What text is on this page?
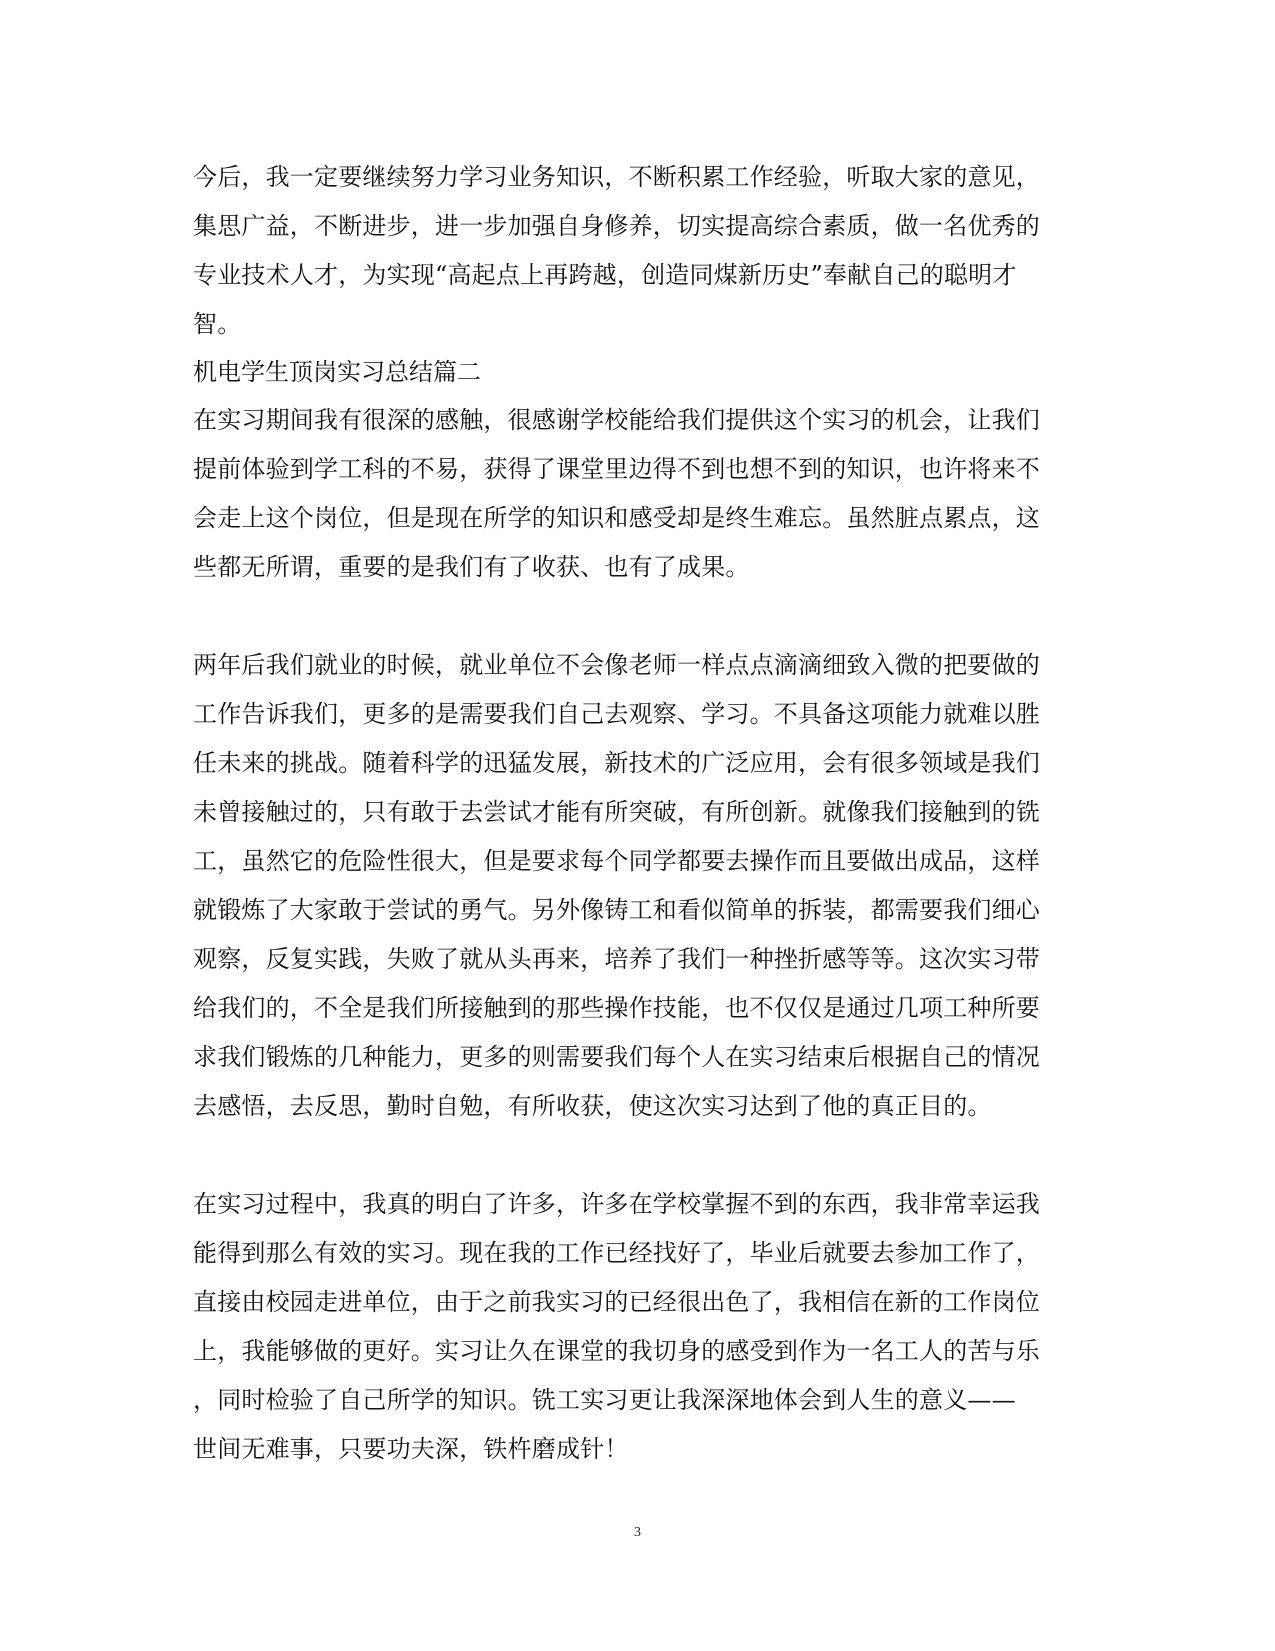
今后，我一定要继续努力学习业务知识，不断积累工作经验，听取大家的意见，
集思广益，不断进步，进一步加强自身修养，切实提高综合素质，做一名优秀的
专业技术人才，为实现“高起点上再跨越，创造同煤新历史”奉献自己的聪明才
智。
机电学生顶岗实习总结篇二
在实习期间我有很深的感触，很感谢学校能给我们提供这个实习的机会，让我们
提前体验到学工科的不易，获得了课堂里边得不到也想不到的知识，也许将来不
会走上这个岗位，但是现在所学的知识和感受却是终生难忘。虽然脏点累点，这
些都无所谓，重要的是我们有了收获、也有了成果。
两年后我们就业的时候，就业单位不会像老师一样点点滴滴细致入微的把要做的
工作告诉我们，更多的是需要我们自己去观察、学习。不具备这项能力就难以胜
任未来的挑战。随着科学的迅猛发展，新技术的广泛应用，会有很多领域是我们
未曾接触过的，只有敢于去尝试才能有所突破，有所创新。就像我们接触到的铣
工，虽然它的危险性很大，但是要求每个同学都要去操作而且要做出成品，这样
就锻炼了大家敢于尝试的勇气。另外像铸工和看似简单的拆装，都需要我们细心
观察，反复实践，失败了就从头再来，培养了我们一种挫折感等等。这次实习带
给我们的，不全是我们所接触到的那些操作技能，也不仅仅是通过几项工种所要
求我们锻炼的几种能力，更多的则需要我们每个人在实习结束后根据自己的情况
去感悟，去反思，勤时自勉，有所收获，使这次实习达到了他的真正目的。
在实习过程中，我真的明白了许多，许多在学校掌握不到的东西，我非常幸运我
能得到那么有效的实习。现在我的工作已经找好了，毕业后就要去参加工作了，
直接由校园走进单位，由于之前我实习的已经很出色了，我相信在新的工作岗位
上，我能够做的更好。实习让久在课堂的我切身的感受到作为一名工人的苦与乐
，同时检验了自己所学的知识。铣工实习更让我深深地体会到人生的意义——
世间无难事，只要功夫深，铁杵磨成针！
3
